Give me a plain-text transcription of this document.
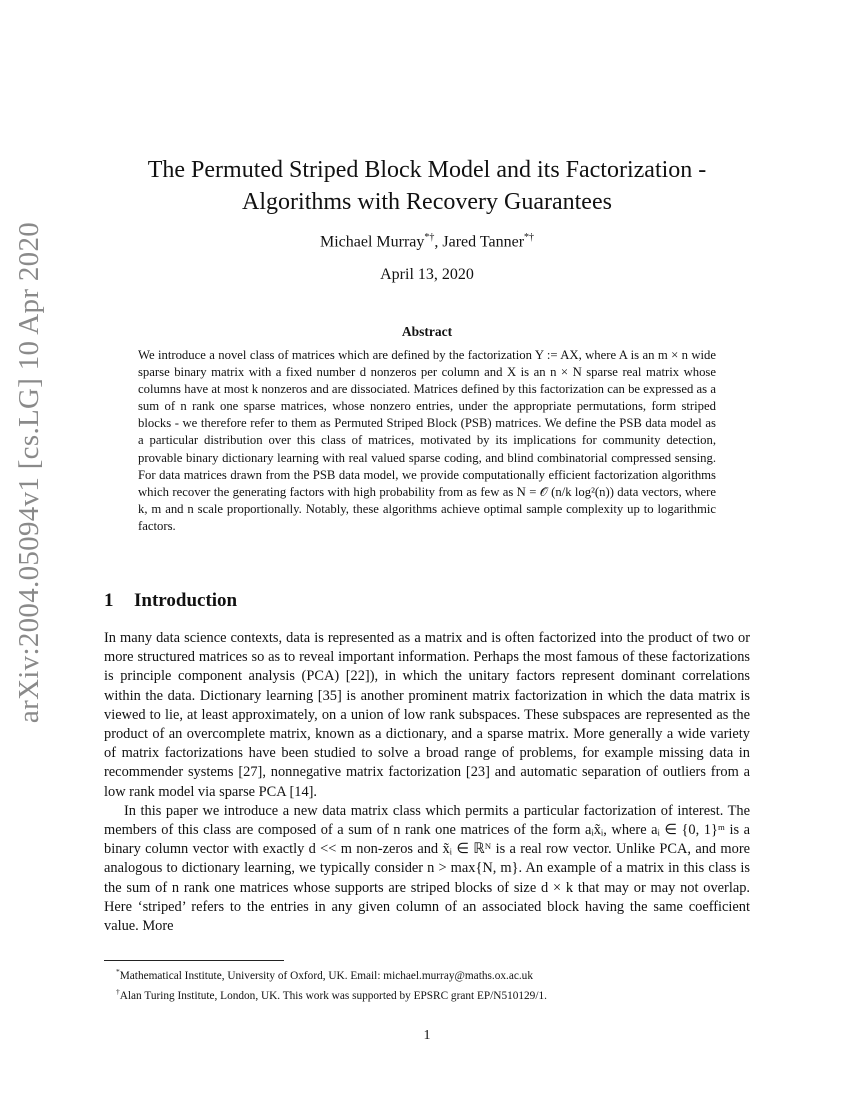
arXiv:2004.05094v1 [cs.LG] 10 Apr 2020
The Permuted Striped Block Model and its Factorization -
Algorithms with Recovery Guarantees
Michael Murray*†, Jared Tanner*†
April 13, 2020
Abstract

We introduce a novel class of matrices which are defined by the factorization Y := AX, where A is an m × n wide sparse binary matrix with a fixed number d nonzeros per column and X is an n × N sparse real matrix whose columns have at most k nonzeros and are dissociated. Matrices defined by this factorization can be expressed as a sum of n rank one sparse matrices, whose nonzero entries, under the appropriate permutations, form striped blocks - we therefore refer to them as Permuted Striped Block (PSB) matrices. We define the PSB data model as a particular distribution over this class of matrices, motivated by its implications for community detection, provable binary dictionary learning with real valued sparse coding, and blind combinatorial compressed sensing. For data matrices drawn from the PSB data model, we provide computationally efficient factorization algorithms which recover the generating factors with high probability from as few as N = 𝒪 (n/k log²(n)) data vectors, where k, m and n scale proportionally. Notably, these algorithms achieve optimal sample complexity up to logarithmic factors.

1 Introduction

In many data science contexts, data is represented as a matrix and is often factorized into the product of two or more structured matrices so as to reveal important information. Perhaps the most famous of these factorizations is principle component analysis (PCA) [22]), in which the unitary factors represent dominant correlations within the data. Dictionary learning [35] is another prominent matrix factorization in which the data matrix is viewed to lie, at least approximately, on a union of low rank subspaces. These subspaces are represented as the product of an overcomplete matrix, known as a dictionary, and a sparse matrix. More generally a wide variety of matrix factorizations have been studied to solve a broad range of problems, for example missing data in recommender systems [27], nonnegative matrix factorization [23] and automatic separation of outliers from a low rank model via sparse PCA [14].

In this paper we introduce a new data matrix class which permits a particular factorization of interest. The members of this class are composed of a sum of n rank one matrices of the form aᵢx̃ᵢ, where aᵢ ∈ {0, 1}ᵐ is a binary column vector with exactly d << m non-zeros and x̃ᵢ ∈ ℝᴺ is a real row vector. Unlike PCA, and more analogous to dictionary learning, we typically consider n > max{N, m}. An example of a matrix in this class is the sum of n rank one matrices whose supports are striped blocks of size d × k that may or may not overlap. Here ‘striped’ refers to the entries in any given column of an associated block having the same coefficient value. More

*Mathematical Institute, University of Oxford, UK. Email: michael.murray@maths.ox.ac.uk
†Alan Turing Institute, London, UK. This work was supported by EPSRC grant EP/N510129/1.
1
